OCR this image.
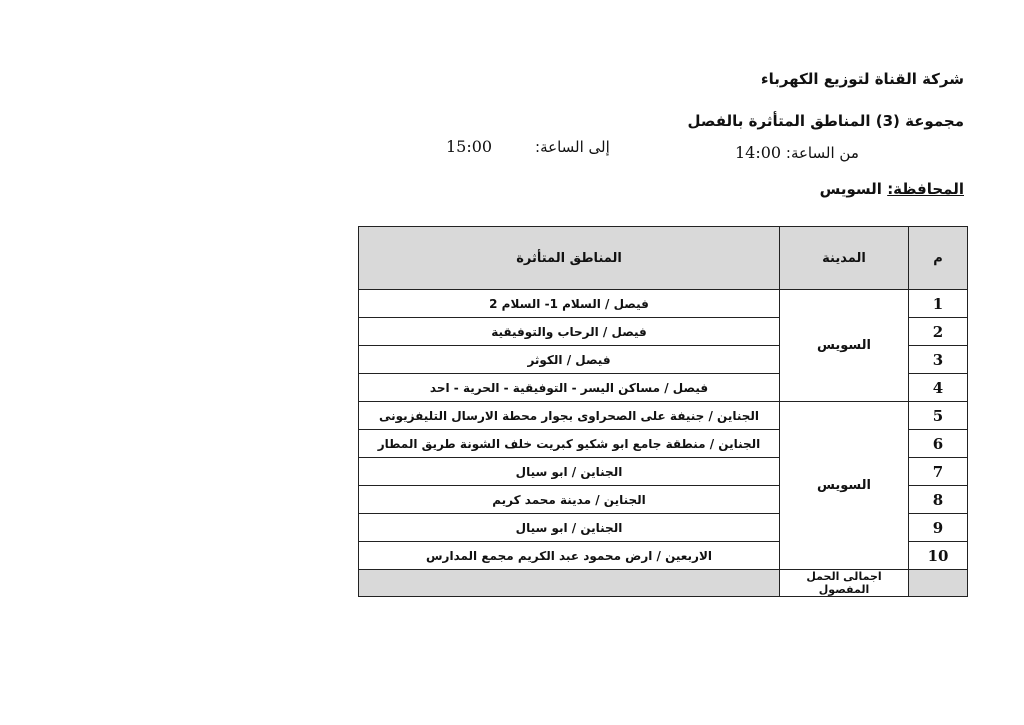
شركة القناة لتوزيع الكهرباء
مجموعة (3) المناطق المتأثرة بالفصل
من الساعة: 14:00
إلى الساعة:         15:00
المحافظة: السويس
م	المدينة	المناطق المتأثرة
1	السويس	فيصل / السلام 1- السلام 2
2		فيصل / الرحاب والتوفيقية
3		فيصل / الكوثر
4		فيصل / مساكن اليسر - التوفيقية - الحرية - احد
5	السويس	الجناين / جنيفة على الصحراوى بجوار محطة الارسال التليفزيونى
6		الجناين / منطقة جامع ابو شكيو كبريت خلف الشونة طريق المطار
7		الجناين / ابو سيال
8		الجناين / مدينة محمد كريم
9		الجناين / ابو سيال
10		الاربعين / ارض محمود عبد الكريم مجمع المدارس
	اجمالى الحمل المفصول	
